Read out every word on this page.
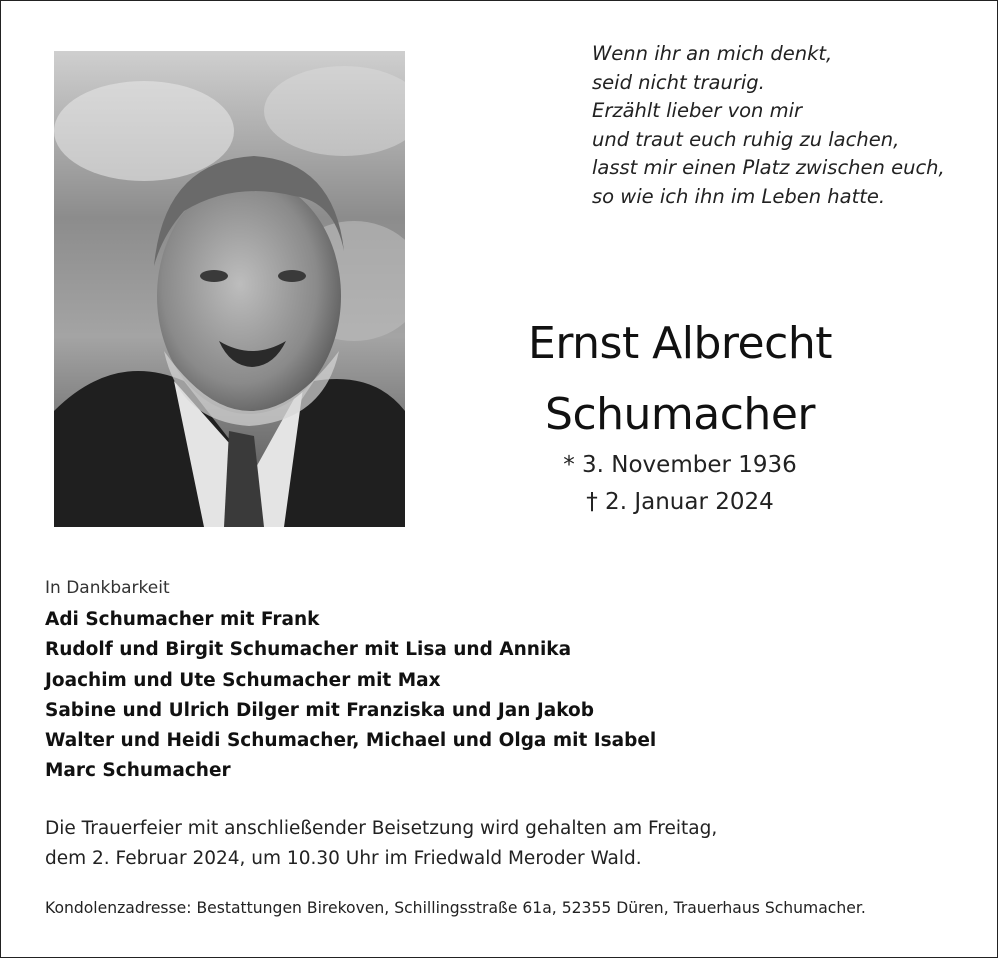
Wenn ihr an mich denkt,
seid nicht traurig.
Erzählt lieber von mir
und traut euch ruhig zu lachen,
lasst mir einen Platz zwischen euch,
so wie ich ihn im Leben hatte.
Ernst Albrecht
Schumacher
* 3. November 1936
† 2. Januar 2024
In Dankbarkeit
Adi Schumacher mit Frank
Rudolf und Birgit Schumacher mit Lisa und Annika
Joachim und Ute Schumacher mit Max
Sabine und Ulrich Dilger mit Franziska und Jan Jakob
Walter und Heidi Schumacher, Michael und Olga mit Isabel
Marc Schumacher
Die Trauerfeier mit anschließender Beisetzung wird gehalten am Freitag,
dem 2. Februar 2024, um 10.30 Uhr im Friedwald Meroder Wald.
Kondolenzadresse: Bestattungen Birekoven, Schillingsstraße 61a, 52355 Düren, Trauerhaus Schumacher.
